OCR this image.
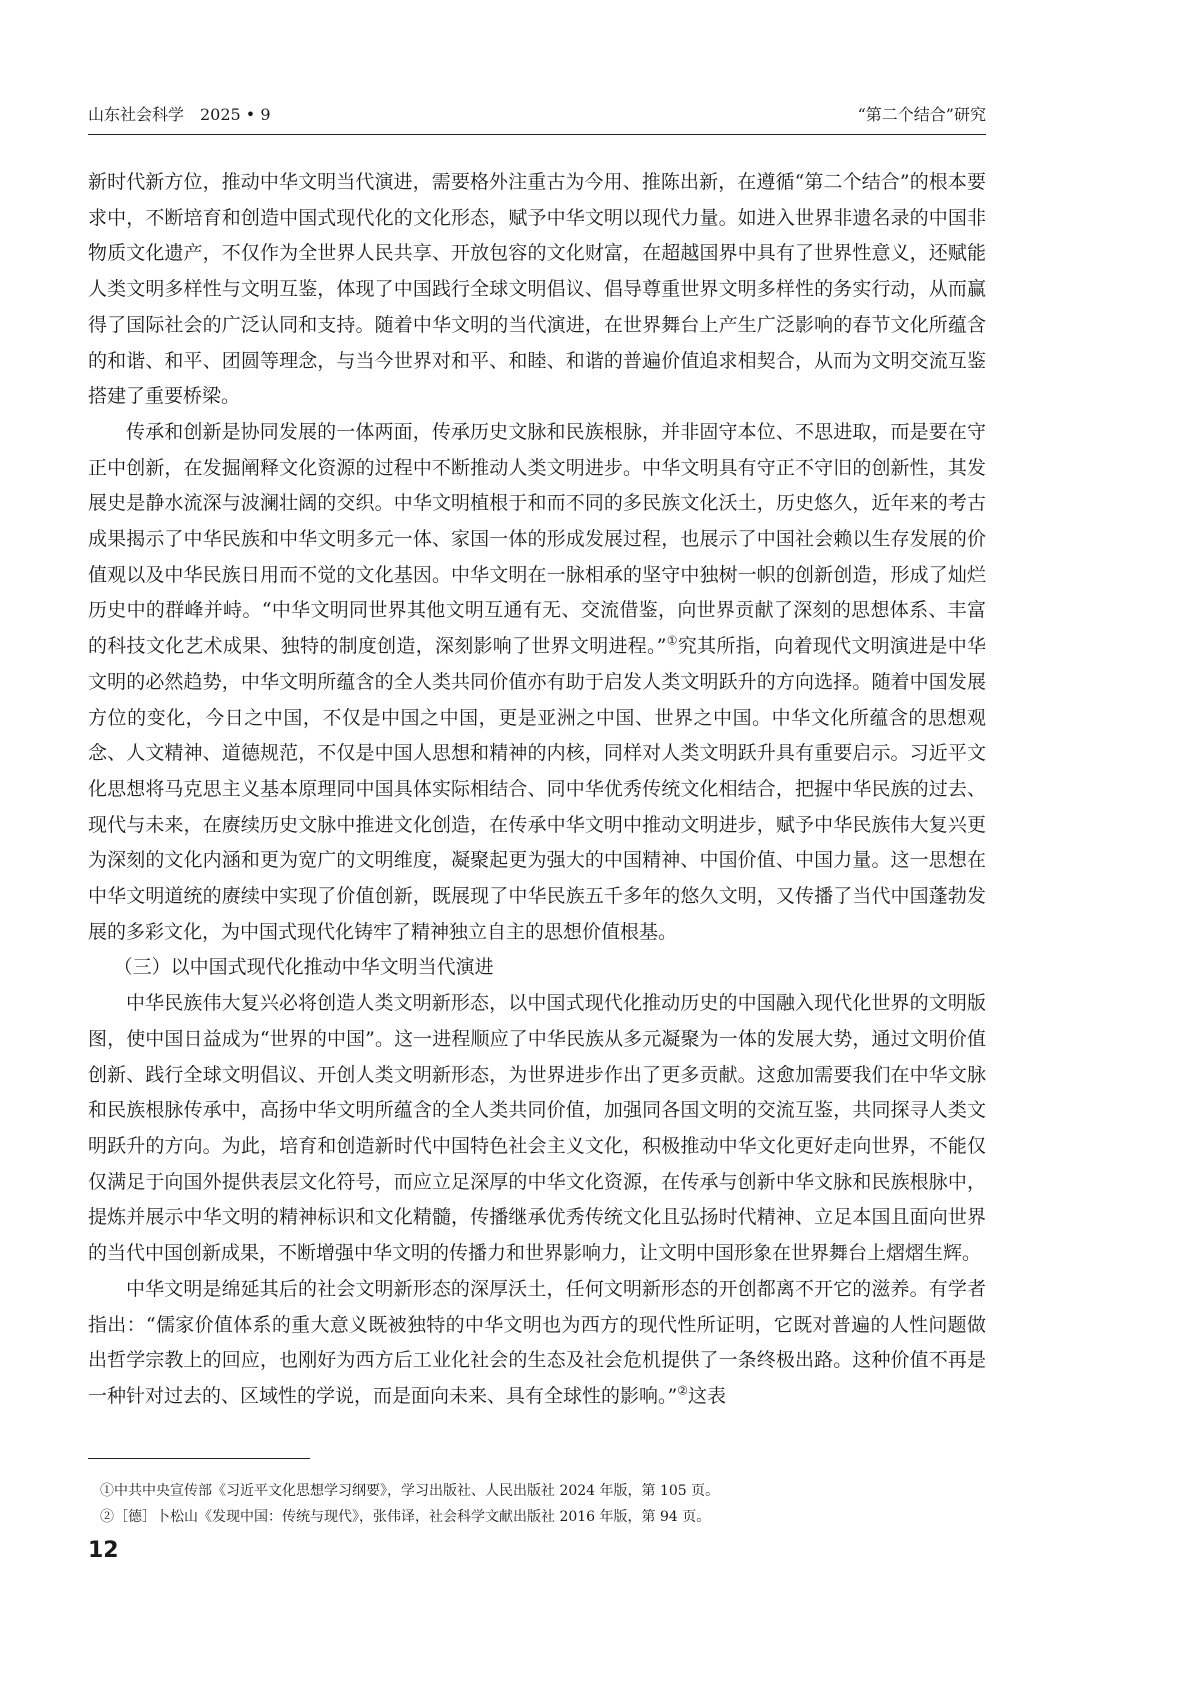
山东社会科学　2025 • 9	“第二个结合”研究

新时代新方位，推动中华文明当代演进，需要格外注重古为今用、推陈出新，在遵循“第二个结合”的根本要求中，不断培育和创造中国式现代化的文化形态，赋予中华文明以现代力量。如进入世界非遗名录的中国非物质文化遗产，不仅作为全世界人民共享、开放包容的文化财富，在超越国界中具有了世界性意义，还赋能人类文明多样性与文明互鉴，体现了中国践行全球文明倡议、倡导尊重世界文明多样性的务实行动，从而赢得了国际社会的广泛认同和支持。随着中华文明的当代演进，在世界舞台上产生广泛影响的春节文化所蕴含的和谐、和平、团圆等理念，与当今世界对和平、和睦、和谐的普遍价值追求相契合，从而为文明交流互鉴搭建了重要桥梁。

传承和创新是协同发展的一体两面，传承历史文脉和民族根脉，并非固守本位、不思进取，而是要在守正中创新，在发掘阐释文化资源的过程中不断推动人类文明进步。中华文明具有守正不守旧的创新性，其发展史是静水流深与波澜壮阔的交织。中华文明植根于和而不同的多民族文化沃土，历史悠久，近年来的考古成果揭示了中华民族和中华文明多元一体、家国一体的形成发展过程，也展示了中国社会赖以生存发展的价值观以及中华民族日用而不觉的文化基因。中华文明在一脉相承的坚守中独树一帜的创新创造，形成了灿烂历史中的群峰并峙。“中华文明同世界其他文明互通有无、交流借鉴，向世界贡献了深刻的思想体系、丰富的科技文化艺术成果、独特的制度创造，深刻影响了世界文明进程。”①究其所指，向着现代文明演进是中华文明的必然趋势，中华文明所蕴含的全人类共同价值亦有助于启发人类文明跃升的方向选择。随着中国发展方位的变化，今日之中国，不仅是中国之中国，更是亚洲之中国、世界之中国。中华文化所蕴含的思想观念、人文精神、道德规范，不仅是中国人思想和精神的内核，同样对人类文明跃升具有重要启示。习近平文化思想将马克思主义基本原理同中国具体实际相结合、同中华优秀传统文化相结合，把握中华民族的过去、现代与未来，在赓续历史文脉中推进文化创造，在传承中华文明中推动文明进步，赋予中华民族伟大复兴更为深刻的文化内涵和更为宽广的文明维度，凝聚起更为强大的中国精神、中国价值、中国力量。这一思想在中华文明道统的赓续中实现了价值创新，既展现了中华民族五千多年的悠久文明，又传播了当代中国蓬勃发展的多彩文化，为中国式现代化铸牢了精神独立自主的思想价值根基。

（三）以中国式现代化推动中华文明当代演进

中华民族伟大复兴必将创造人类文明新形态，以中国式现代化推动历史的中国融入现代化世界的文明版图，使中国日益成为“世界的中国”。这一进程顺应了中华民族从多元凝聚为一体的发展大势，通过文明价值创新、践行全球文明倡议、开创人类文明新形态，为世界进步作出了更多贡献。这愈加需要我们在中华文脉和民族根脉传承中，高扬中华文明所蕴含的全人类共同价值，加强同各国文明的交流互鉴，共同探寻人类文明跃升的方向。为此，培育和创造新时代中国特色社会主义文化，积极推动中华文化更好走向世界，不能仅仅满足于向国外提供表层文化符号，而应立足深厚的中华文化资源，在传承与创新中华文脉和民族根脉中，提炼并展示中华文明的精神标识和文化精髓，传播继承优秀传统文化且弘扬时代精神、立足本国且面向世界的当代中国创新成果，不断增强中华文明的传播力和世界影响力，让文明中国形象在世界舞台上熠熠生辉。

中华文明是绵延其后的社会文明新形态的深厚沃土，任何文明新形态的开创都离不开它的滋养。有学者指出：“儒家价值体系的重大意义既被独特的中华文明也为西方的现代性所证明，它既对普遍的人性问题做出哲学宗教上的回应，也刚好为西方后工业化社会的生态及社会危机提供了一条终极出路。这种价值不再是一种针对过去的、区域性的学说，而是面向未来、具有全球性的影响。”②这表

①中共中央宣传部《习近平文化思想学习纲要》，学习出版社、人民出版社 2024 年版，第 105 页。
②［德］卜松山《发现中国：传统与现代》，张伟译，社会科学文献出版社 2016 年版，第 94 页。
12
